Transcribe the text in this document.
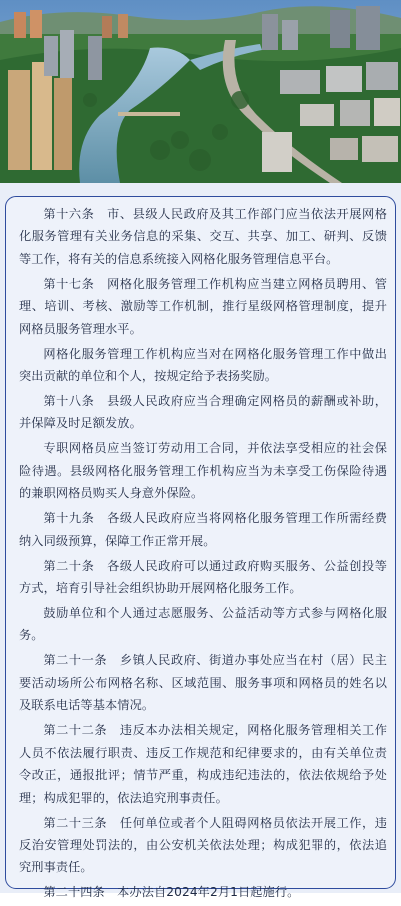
第十六条　市、县级人民政府及其工作部门应当依法开展网格化服务管理有关业务信息的采集、交互、共享、加工、研判、反馈等工作，将有关的信息系统接入网格化服务管理信息平台。

第十七条　网格化服务管理工作机构应当建立网格员聘用、管理、培训、考核、激励等工作机制，推行星级网格管理制度，提升网格员服务管理水平。

网格化服务管理工作机构应当对在网格化服务管理工作中做出突出贡献的单位和个人，按规定给予表扬奖励。

第十八条　县级人民政府应当合理确定网格员的薪酬或补助，并保障及时足额发放。

专职网格员应当签订劳动用工合同，并依法享受相应的社会保险待遇。县级网格化服务管理工作机构应当为未享受工伤保险待遇的兼职网格员购买人身意外保险。

第十九条　各级人民政府应当将网格化服务管理工作所需经费纳入同级预算，保障工作正常开展。

第二十条　各级人民政府可以通过政府购买服务、公益创投等方式，培育引导社会组织协助开展网格化服务工作。

鼓励单位和个人通过志愿服务、公益活动等方式参与网格化服务。

第二十一条　乡镇人民政府、街道办事处应当在村（居）民主要活动场所公布网格名称、区域范围、服务事项和网格员的姓名以及联系电话等基本情况。

第二十二条　违反本办法相关规定，网格化服务管理相关工作人员不依法履行职责、违反工作规范和纪律要求的，由有关单位责令改正，通报批评；情节严重，构成违纪违法的，依法依规给予处理；构成犯罪的，依法追究刑事责任。

第二十三条　任何单位或者个人阻碍网格员依法开展工作，违反治安管理处罚法的，由公安机关依法处理；构成犯罪的，依法追究刑事责任。

第二十四条　本办法自2024年2月1日起施行。
